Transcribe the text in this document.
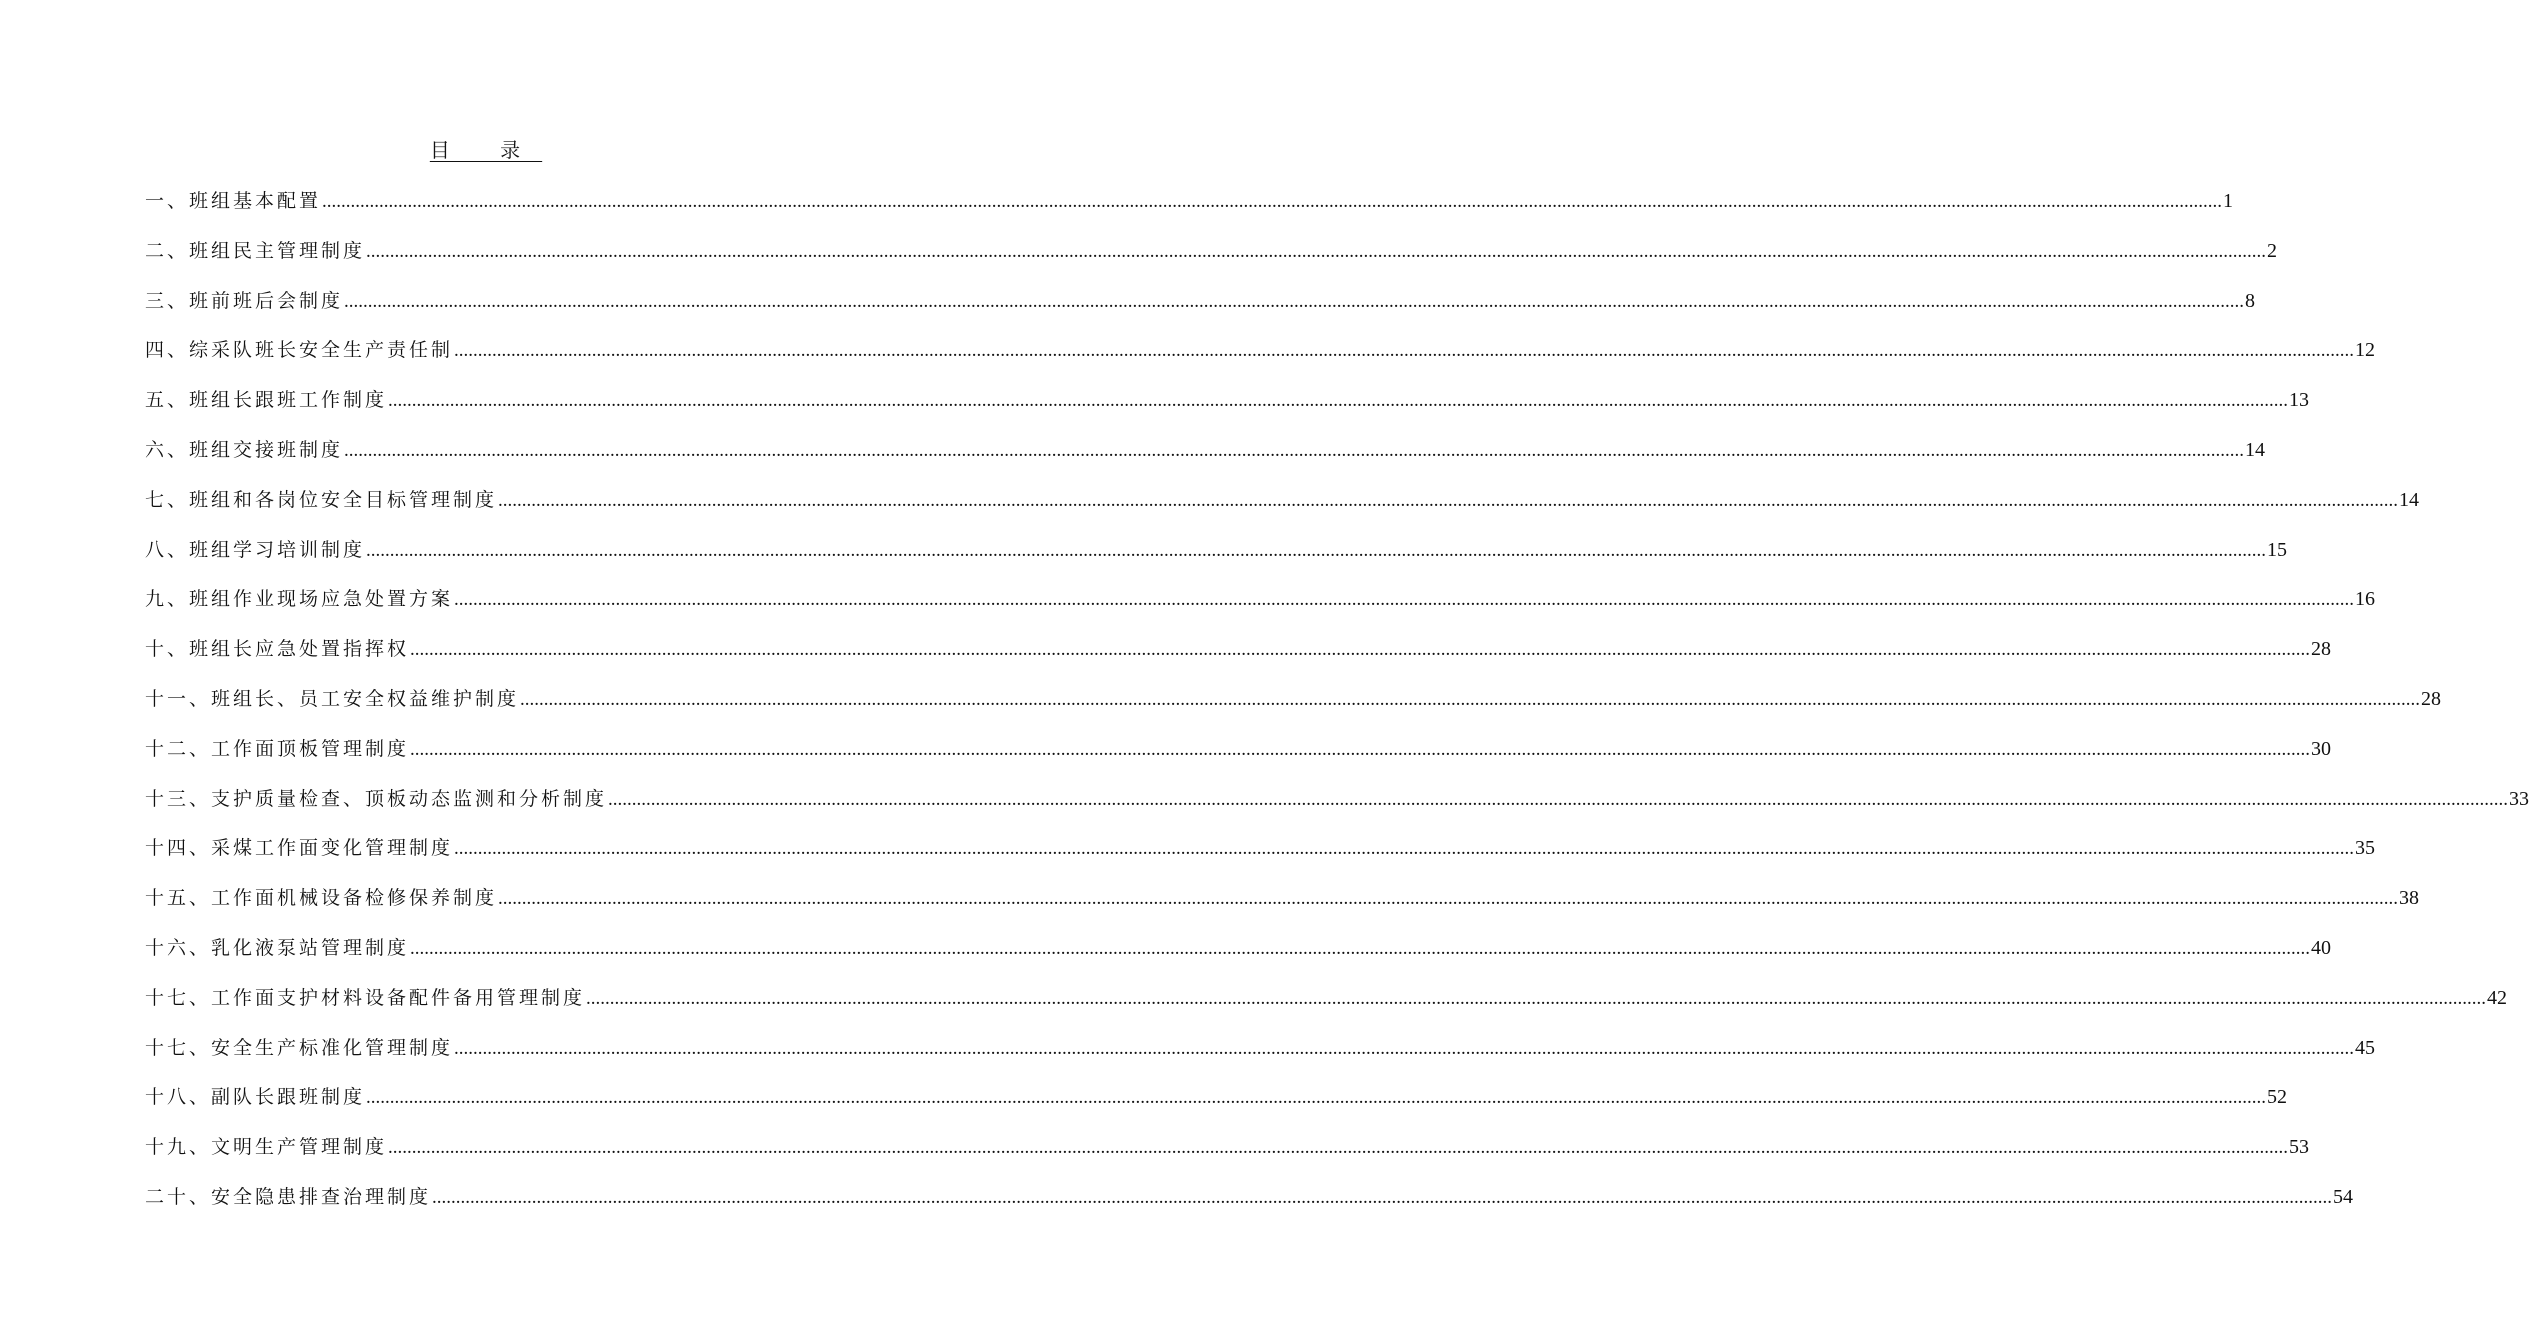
目 录
一、班组基本配置 ................................................................................................................................................................................................................................................................................................................................................................................................................ 1
二、班组民主管理制度 ................................................................................................................................................................................................................................................................................................................................................................................................................ 2
三、班前班后会制度 ................................................................................................................................................................................................................................................................................................................................................................................................................ 8
四、综采队班长安全生产责任制 ................................................................................................................................................................................................................................................................................................................................................................................................................ 12
五、班组长跟班工作制度 ................................................................................................................................................................................................................................................................................................................................................................................................................ 13
六、班组交接班制度 ................................................................................................................................................................................................................................................................................................................................................................................................................ 14
七、班组和各岗位安全目标管理制度 ................................................................................................................................................................................................................................................................................................................................................................................................................ 14
八、班组学习培训制度 ................................................................................................................................................................................................................................................................................................................................................................................................................ 15
九、班组作业现场应急处置方案 ................................................................................................................................................................................................................................................................................................................................................................................................................ 16
十、班组长应急处置指挥权 ................................................................................................................................................................................................................................................................................................................................................................................................................ 28
十一、班组长、员工安全权益维护制度 ................................................................................................................................................................................................................................................................................................................................................................................................................ 28
十二、工作面顶板管理制度 ................................................................................................................................................................................................................................................................................................................................................................................................................ 30
十三、支护质量检查、顶板动态监测和分析制度 ................................................................................................................................................................................................................................................................................................................................................................................................................ 33
十四、采煤工作面变化管理制度 ................................................................................................................................................................................................................................................................................................................................................................................................................ 35
十五、工作面机械设备检修保养制度 ................................................................................................................................................................................................................................................................................................................................................................................................................ 38
十六、乳化液泵站管理制度 ................................................................................................................................................................................................................................................................................................................................................................................................................ 40
十七、工作面支护材料设备配件备用管理制度 ................................................................................................................................................................................................................................................................................................................................................................................................................ 42
十七、安全生产标准化管理制度 ................................................................................................................................................................................................................................................................................................................................................................................................................ 45
十八、副队长跟班制度 ................................................................................................................................................................................................................................................................................................................................................................................................................ 52
十九、文明生产管理制度 ................................................................................................................................................................................................................................................................................................................................................................................................................ 53
二十、安全隐患排查治理制度 ................................................................................................................................................................................................................................................................................................................................................................................................................ 54
